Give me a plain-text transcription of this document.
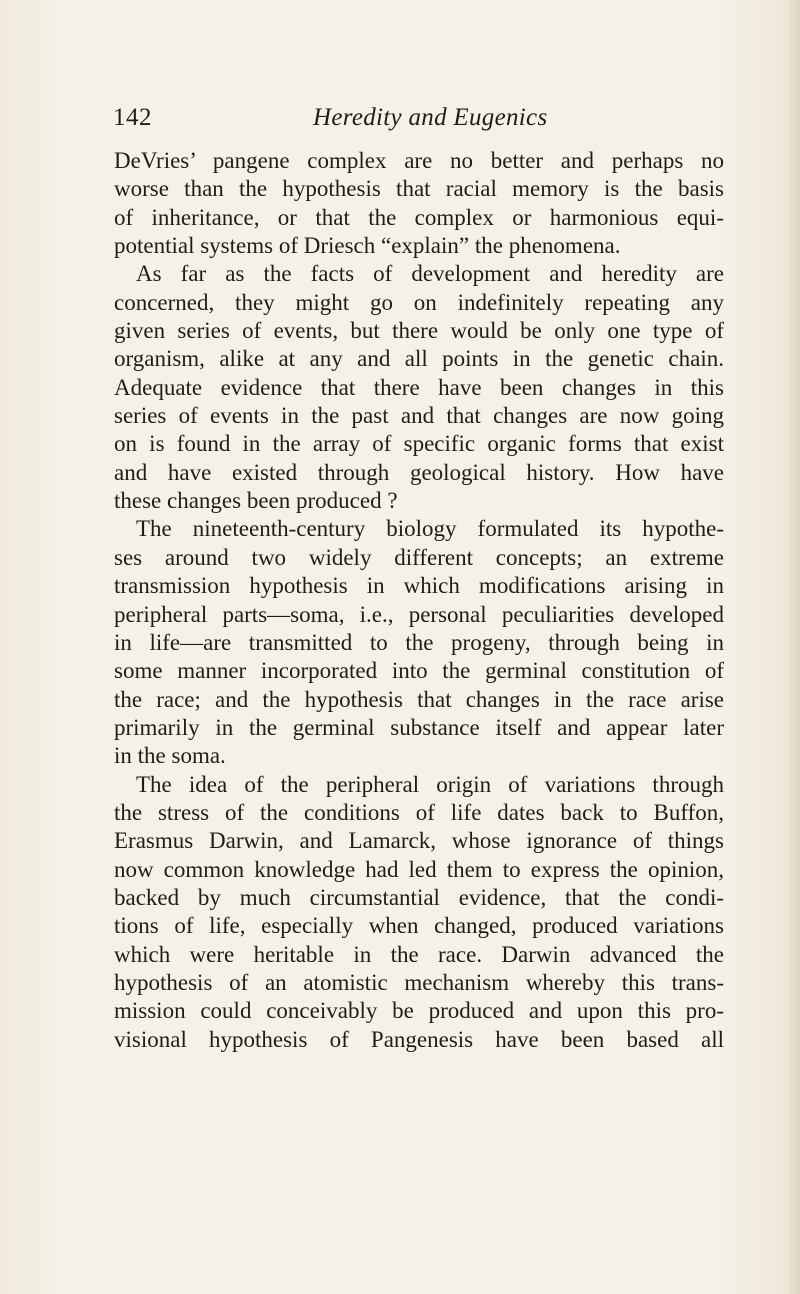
142	Heredity and Eugenics
DeVries’ pangene complex are no better and perhaps no
worse than the hypothesis that racial memory is the basis
of inheritance, or that the complex or harmonious equi-
potential systems of Driesch “explain” the phenomena.
As far as the facts of development and heredity are
concerned, they might go on indefinitely repeating any
given series of events, but there would be only one type of
organism, alike at any and all points in the genetic chain.
Adequate evidence that there have been changes in this
series of events in the past and that changes are now going
on is found in the array of specific organic forms that exist
and have existed through geological history. How have
these changes been produced ?
The nineteenth-century biology formulated its hypothe-
ses around two widely different concepts; an extreme
transmission hypothesis in which modifications arising in
peripheral parts—soma, i.e., personal peculiarities developed
in life—are transmitted to the progeny, through being in
some manner incorporated into the germinal constitution of
the race; and the hypothesis that changes in the race arise
primarily in the germinal substance itself and appear later
in the soma.
The idea of the peripheral origin of variations through
the stress of the conditions of life dates back to Buffon,
Erasmus Darwin, and Lamarck, whose ignorance of things
now common knowledge had led them to express the opinion,
backed by much circumstantial evidence, that the condi-
tions of life, especially when changed, produced variations
which were heritable in the race. Darwin advanced the
hypothesis of an atomistic mechanism whereby this trans-
mission could conceivably be produced and upon this pro-
visional hypothesis of Pangenesis have been based all
